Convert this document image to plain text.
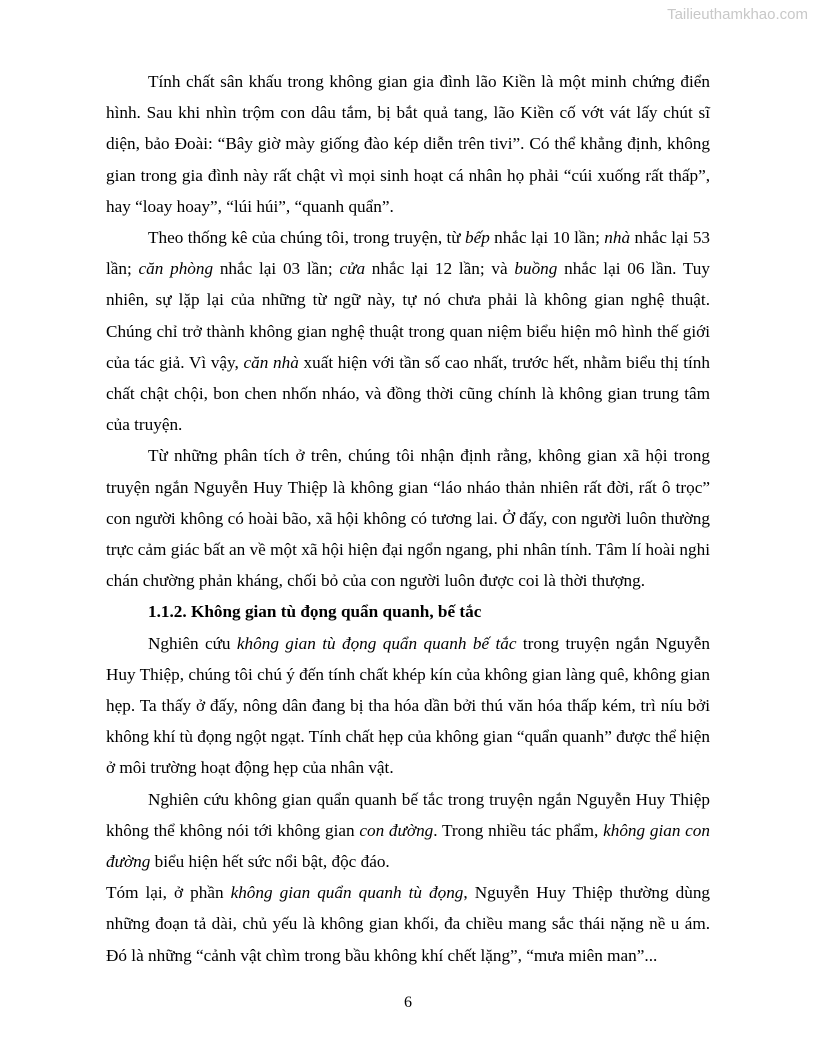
Tailieuthamkhao.com

Tính chất sân khấu trong không gian gia đình lão Kiền là một minh chứng điển hình. Sau khi nhìn trộm con dâu tắm, bị bắt quả tang, lão Kiền cố vớt vát lấy chút sĩ diện, bảo Đoài: “Bây giờ mày giống đào kép diễn trên tivi”. Có thể khẳng định, không gian trong gia đình này rất chật vì mọi sinh hoạt cá nhân họ phải “cúi xuống rất thấp”, hay “loay hoay”, “lúi húi”, “quanh quẩn”.

Theo thống kê của chúng tôi, trong truyện, từ bếp nhắc lại 10 lần; nhà nhắc lại 53 lần; căn phòng nhắc lại 03 lần; cửa nhắc lại 12 lần; và buồng nhắc lại 06 lần. Tuy nhiên, sự lặp lại của những từ ngữ này, tự nó chưa phải là không gian nghệ thuật. Chúng chỉ trở thành không gian nghệ thuật trong quan niệm biểu hiện mô hình thế giới của tác giả. Vì vậy, căn nhà xuất hiện với tần số cao nhất, trước hết, nhằm biểu thị tính chất chật chội, bon chen nhốn nháo, và đồng thời cũng chính là không gian trung tâm của truyện.

Từ những phân tích ở trên, chúng tôi nhận định rằng, không gian xã hội trong truyện ngắn Nguyễn Huy Thiệp là không gian “láo nháo thản nhiên rất đời, rất ô trọc” con người không có hoài bão, xã hội không có tương lai. Ở đấy, con người luôn thường trực cảm giác bất an về một xã hội hiện đại ngổn ngang, phi nhân tính. Tâm lí hoài nghi chán chường phản kháng, chối bỏ của con người luôn được coi là thời thượng.

1.1.2. Không gian tù đọng quẩn quanh, bế tắc

Nghiên cứu không gian tù đọng quẩn quanh bế tắc trong truyện ngắn Nguyễn Huy Thiệp, chúng tôi chú ý đến tính chất khép kín của không gian làng quê, không gian hẹp. Ta thấy ở đấy, nông dân đang bị tha hóa dần bởi thú văn hóa thấp kém, trì níu bởi không khí tù đọng ngột ngạt. Tính chất hẹp của không gian “quẩn quanh” được thể hiện ở môi trường hoạt động hẹp của nhân vật.

Nghiên cứu không gian quẩn quanh bế tắc trong truyện ngắn Nguyễn Huy Thiệp không thể không nói tới không gian con đường. Trong nhiều tác phẩm, không gian con đường biểu hiện hết sức nổi bật, độc đáo.

Tóm lại, ở phần không gian quẩn quanh tù đọng, Nguyễn Huy Thiệp thường dùng những đoạn tả dài, chủ yếu là không gian khối, đa chiều mang sắc thái nặng nề u ám. Đó là những “cảnh vật chìm trong bầu không khí chết lặng”, “mưa miên man”...

6
